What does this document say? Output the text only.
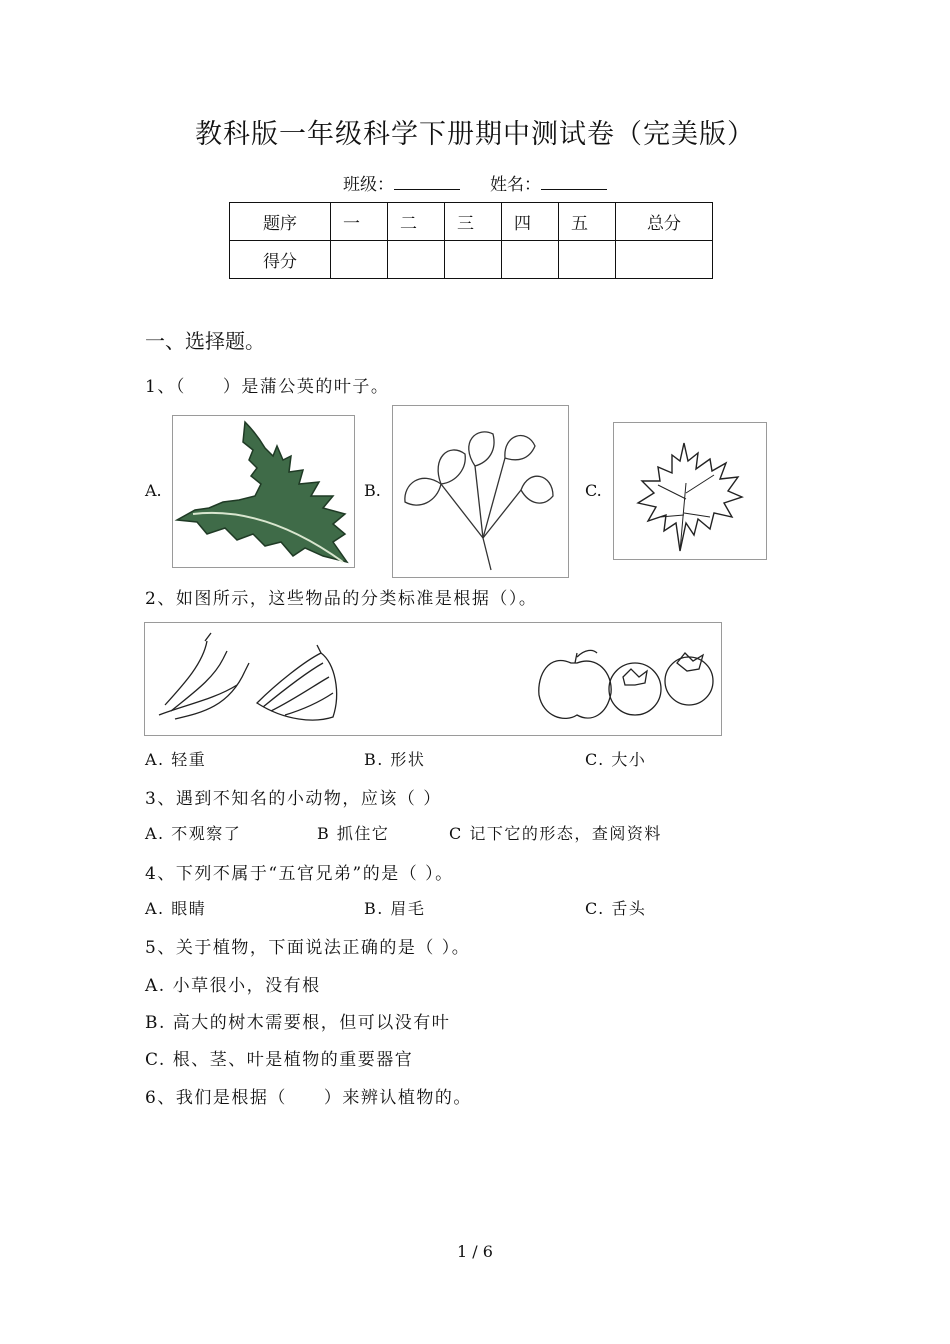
教科版一年级科学下册期中测试卷（完美版）
班级：	姓名：
题序	一	二	三	四	五	总分
得分						
一、选择题。
1、（　　）是蒲公英的叶子。
A.	B.	C.
2、如图所示，这些物品的分类标准是根据（）。
A. 轻重	B. 形状	C. 大小
3、遇到不知名的小动物，应该（ ）
A. 不观察了	B 抓住它	C 记下它的形态，查阅资料
4、下列不属于“五官兄弟”的是（ ）。
A. 眼睛	B. 眉毛	C. 舌头
5、关于植物，下面说法正确的是（ ）。
A. 小草很小，没有根
B. 高大的树木需要根，但可以没有叶
C. 根、茎、叶是植物的重要器官
6、我们是根据（　　）来辨认植物的。
1 / 6
